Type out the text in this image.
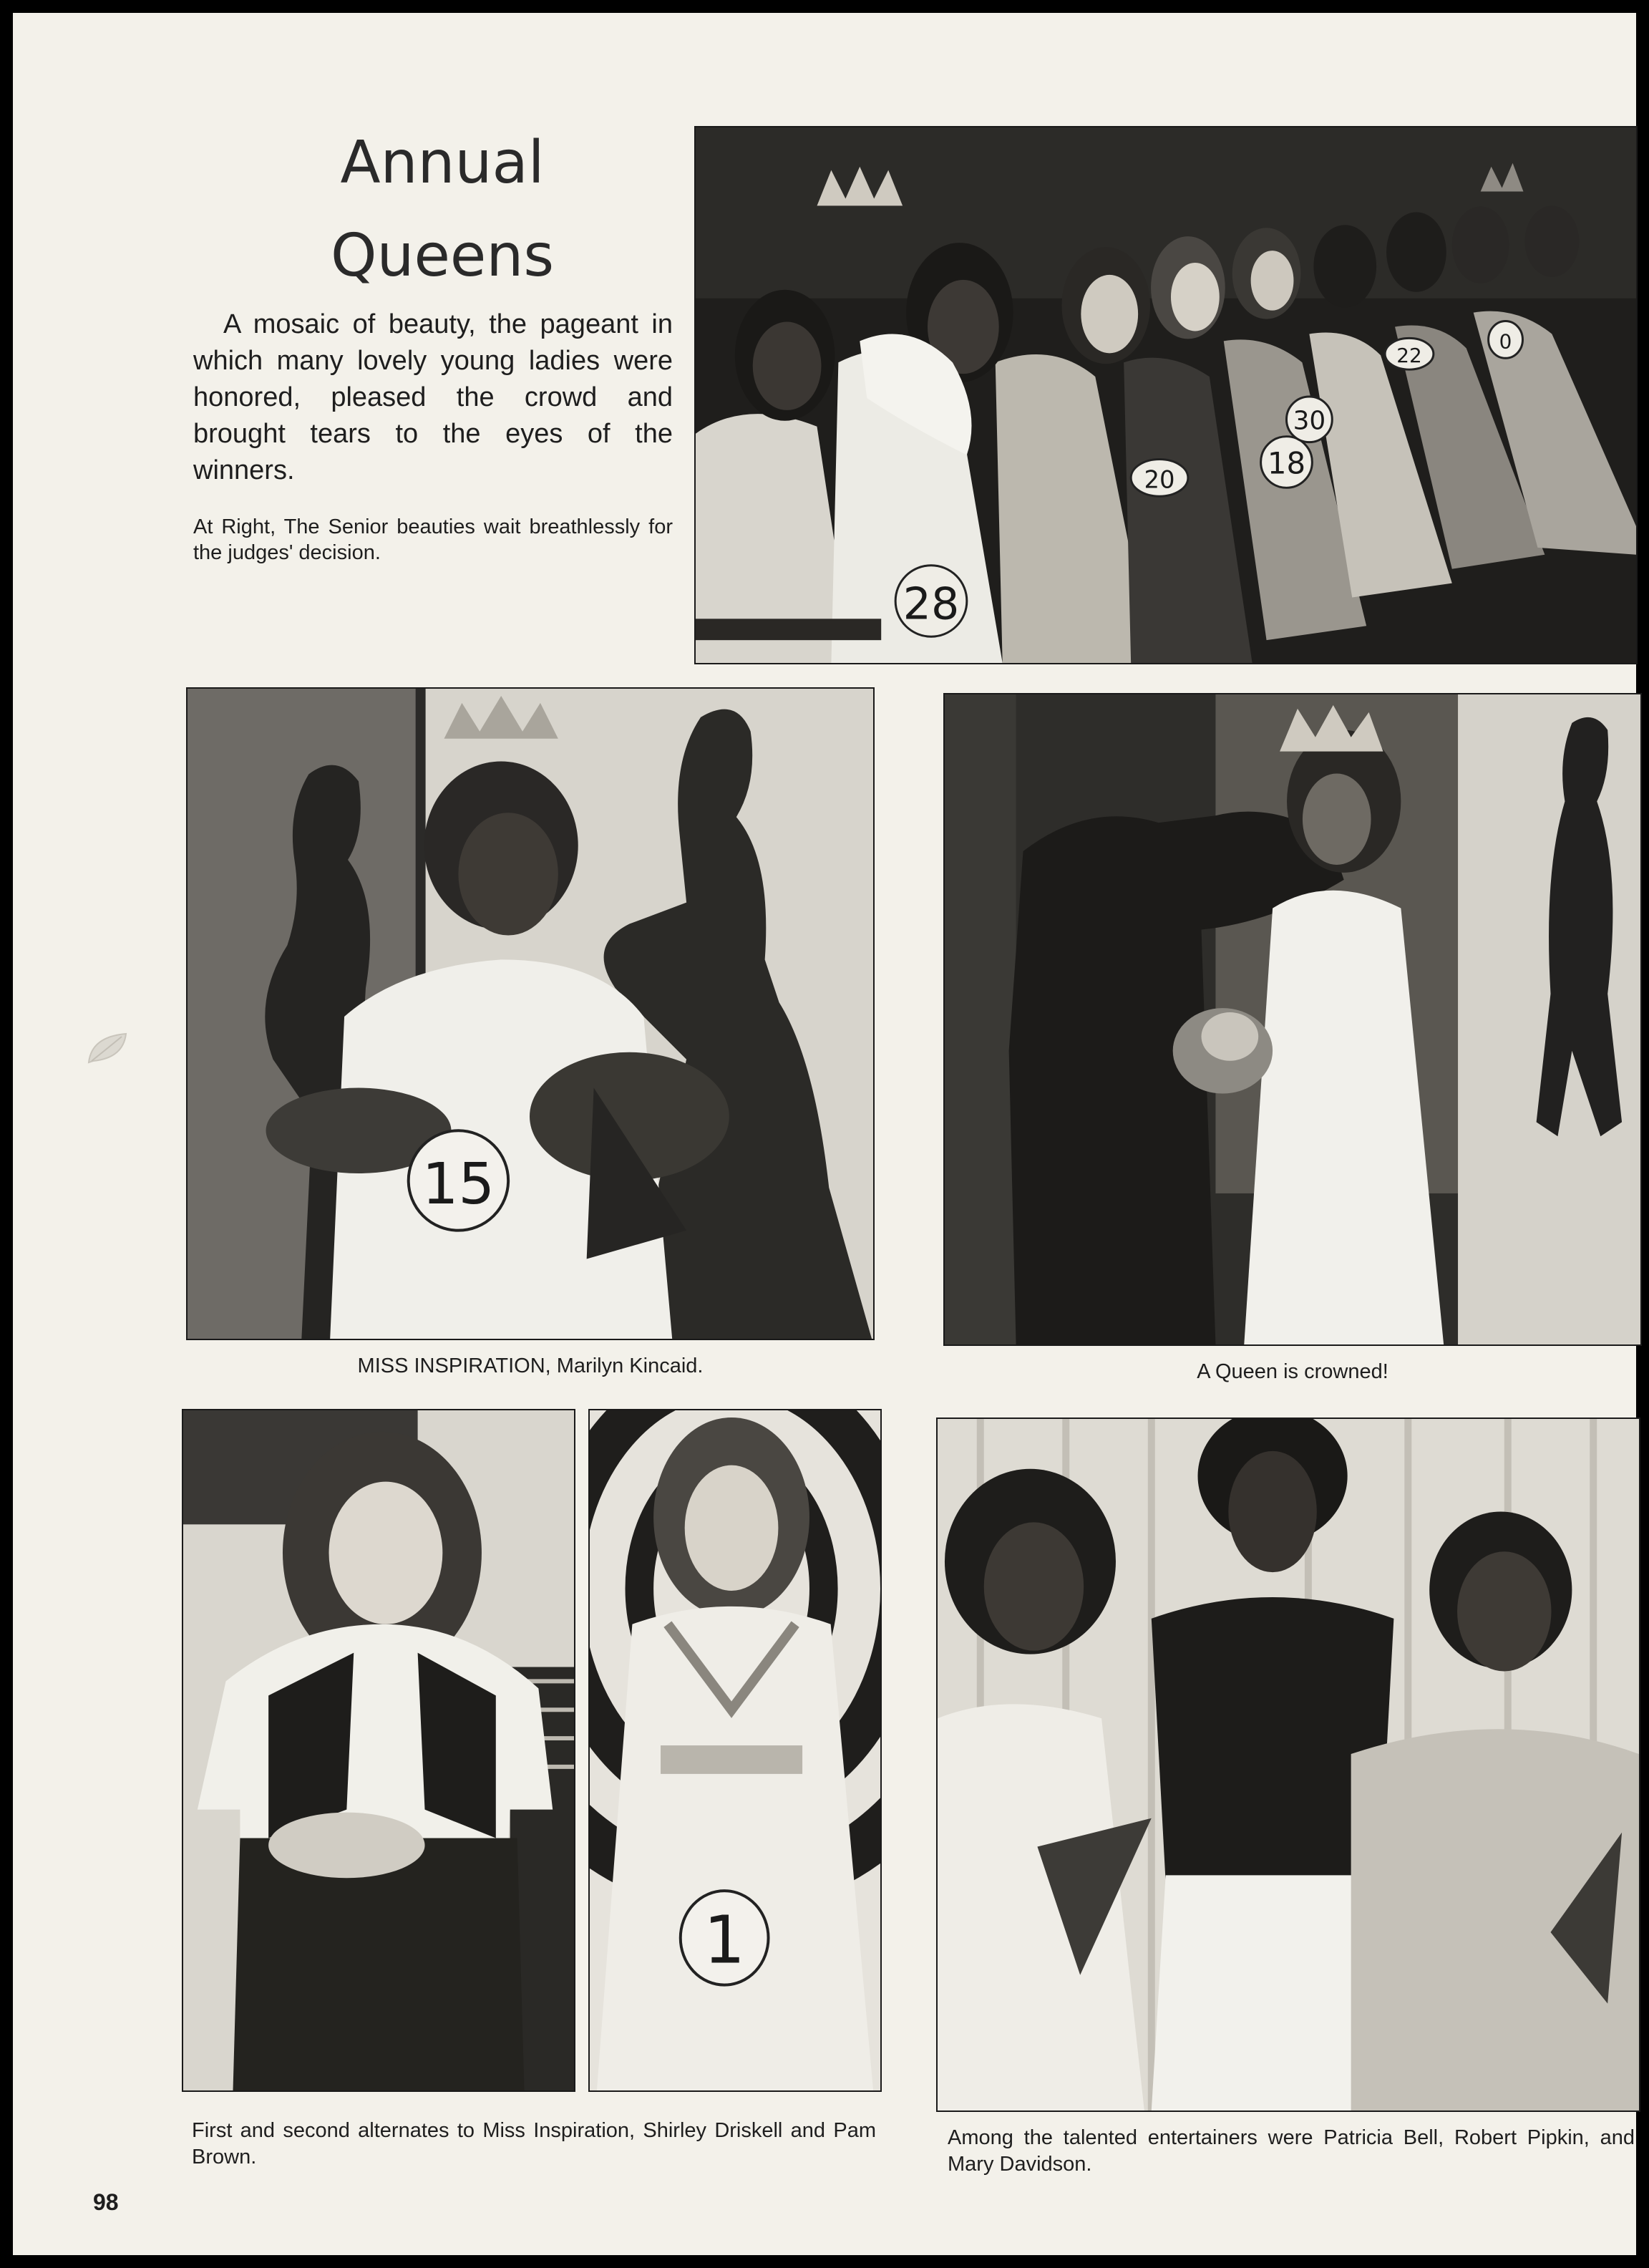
Annual
Queens
A mosaic of beauty, the pageant in which many lovely young ladies were honored, pleased the crowd and brought tears to the eyes of the winners.
At Right, The Senior beauties wait breathlessly for the judges' decision.
28
20	18
30
22
0
15
MISS INSPIRATION, Marilyn Kincaid.	A Queen is crowned!
1
First and second alternates to Miss Inspiration, Shirley Driskell and Pam Brown.
Among the talented entertainers were Patricia Bell, Robert Pipkin, and Mary Davidson.
98
